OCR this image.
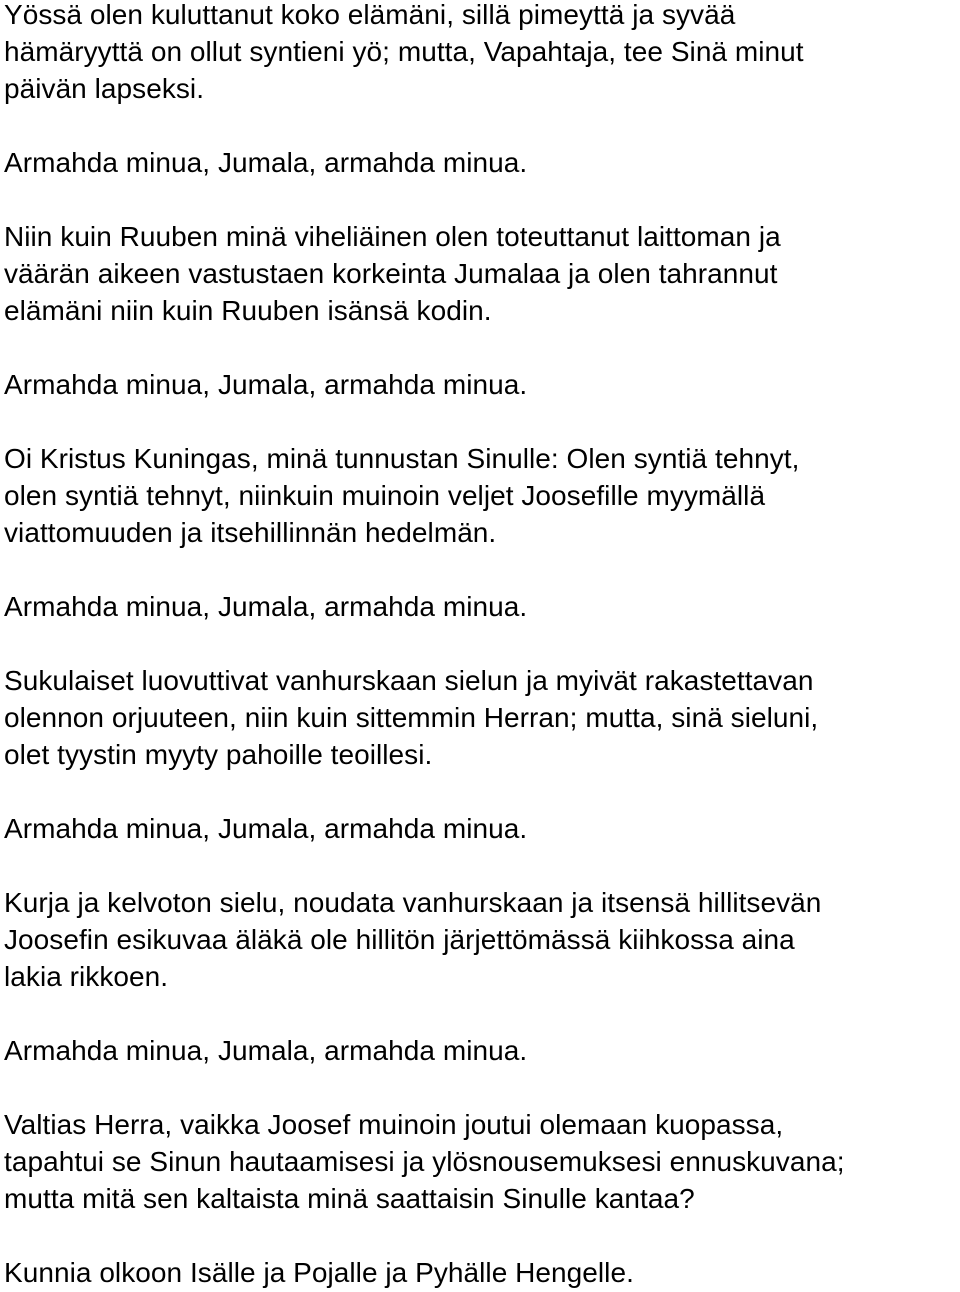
Yössä olen kuluttanut koko elämäni, sillä pimeyttä ja syvää
hämäryyttä on ollut syntieni yö; mutta, Vapahtaja, tee Sinä minut
päivän lapseksi.

Armahda minua, Jumala, armahda minua.

Niin kuin Ruuben minä viheliäinen olen toteuttanut laittoman ja
väärän aikeen vastustaen korkeinta Jumalaa ja olen tahrannut
elämäni niin kuin Ruuben isänsä kodin.

Armahda minua, Jumala, armahda minua.

Oi Kristus Kuningas, minä tunnustan Sinulle: Olen syntiä tehnyt,
olen syntiä tehnyt, niinkuin muinoin veljet Joosefille myymällä
viattomuuden ja itsehillinnän hedelmän.

Armahda minua, Jumala, armahda minua.

Sukulaiset luovuttivat vanhurskaan sielun ja myivät rakastettavan
olennon orjuuteen, niin kuin sittemmin Herran; mutta, sinä sieluni,
olet tyystin myyty pahoille teoillesi.

Armahda minua, Jumala, armahda minua.

Kurja ja kelvoton sielu, noudata vanhurskaan ja itsensä hillitsevän
Joosefin esikuvaa äläkä ole hillitön järjettömässä kiihkossa aina
lakia rikkoen.

Armahda minua, Jumala, armahda minua.

Valtias Herra, vaikka Joosef muinoin joutui olemaan kuopassa,
tapahtui se Sinun hautaamisesi ja ylösnousemuksesi ennuskuvana;
mutta mitä sen kaltaista minä saattaisin Sinulle kantaa?

Kunnia olkoon Isälle ja Pojalle ja Pyhälle Hengelle.
